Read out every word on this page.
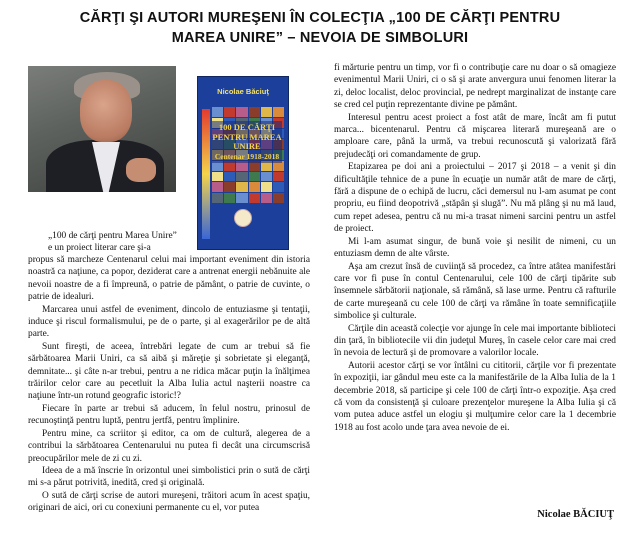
CĂRŢI ŞI AUTORI MUREŞENI ÎN COLECŢIA „100 DE CĂRŢI PENTRU
MAREA UNIRE” – NEVOIA DE SIMBOLURI
Nicolae Băciuţ
100 DE CĂRŢI PENTRU MAREA UNIRE
Centenar 1918-2018
„100 de cărţi pentru Marea Unire” e un proiect literar care şi-a

propus să marcheze Centenarul celui mai important eveniment din istoria noastră ca naţiune, ca popor, deziderat care a antrenat energii nebănuite ale nevoii noastre de a fi împreună, o patrie de pământ, o patrie de cuvinte, o patrie de idealuri.

Marcarea unui astfel de eveniment, dincolo de entuziasme şi tentaţii, induce şi riscul formalismului, pe de o parte, şi al exagerărilor pe de altă parte.

Sunt fireşti, de aceea, întrebări legate de cum ar trebui să fie sărbătoarea Marii Uniri, ca să aibă şi măreţie şi sobrietate şi eleganţă, demnitate... şi câte n-ar trebui, pentru a ne ridica măcar puţin la înălţimea trăirilor celor care au pecetluit la Alba Iulia actul naşterii noastre ca naţiune într-un rotund geografic istoric!?

Fiecare în parte ar trebui să aducem, în felul nostru, prinosul de recunoştinţă pentru luptă, pentru jertfă, pentru împlinire.

Pentru mine, ca scriitor şi editor, ca om de cultură, alegerea de a contribui la sărbătoarea Centenarului nu putea fi decât una circumscrisă preocupărilor mele de zi cu zi.

Ideea de a mă înscrie în orizontul unei simbolistici prin o sută de cărţi mi s-a părut potrivită, inedită, cred şi originală.

O sută de cărţi scrise de autori mureşeni, trăitori acum în acest spaţiu, originari de aici, ori cu conexiuni permanente cu el, vor putea

fi mărturie pentru un timp, vor fi o contribuţie care nu doar o să omagieze evenimentul Marii Uniri, ci o să şi arate anvergura unui fenomen literar la zi, deloc localist, deloc provincial, pe nedrept marginalizat de instanţe care se cred cel puţin reprezentante divine pe pământ.

Interesul pentru acest proiect a fost atât de mare, încât am fi putut marca... bicentenarul. Pentru că mişcarea literară mureşeană are o amploare care, până la urmă, va trebui recunoscută şi valorizată fără prejudecăţi ori comandamente de grup.

Etapizarea pe doi ani a proiectului – 2017 şi 2018 – a venit şi din dificultăţile tehnice de a pune în ecuaţie un număr atât de mare de cărţi, fără a dispune de o echipă de lucru, căci demersul nu l-am asumat pe cont propriu, eu fiind deopotrivă „stăpân şi slugă”. Nu mă plâng şi nu mă laud, cum repet adesea, pentru că nu mi-a trasat nimeni sarcini pentru un astfel de proiect.

Mi l-am asumat singur, de bună voie şi nesilit de nimeni, cu un entuziasm demn de alte vârste.

Aşa am crezut însă de cuviinţă să procedez, ca între atâtea manifestări care vor fi puse în contul Centenarului, cele 100 de cărţi tipărite sub însemnele sărbătorii naţionale, să rămână, să lase urme. Pentru că rafturile de carte mureşeană cu cele 100 de cărţi va rămâne în toate semnificaţiile simbolice şi culturale.

Cărţile din această colecţie vor ajunge în cele mai importante biblioteci din ţară, în bibliotecile vii din judeţul Mureş, în casele celor care mai cred în nevoia de lectură şi de promovare a valorilor locale.

Autorii acestor cărţi se vor întâlni cu cititorii, cărţile vor fi prezentate în expoziţii, iar gândul meu este ca la manifestările de la Alba Iulia de la 1 decembrie 2018, să participe şi cele 100 de cărţi într-o expoziţie. Aşa cred că vom da consistenţă şi culoare prezenţelor mureşene la Alba Iulia şi că vom putea aduce astfel un elogiu şi mulţumire celor care la 1 decembrie 1918 au fost acolo unde ţara avea nevoie de ei.

Nicolae BĂCIUŢ
